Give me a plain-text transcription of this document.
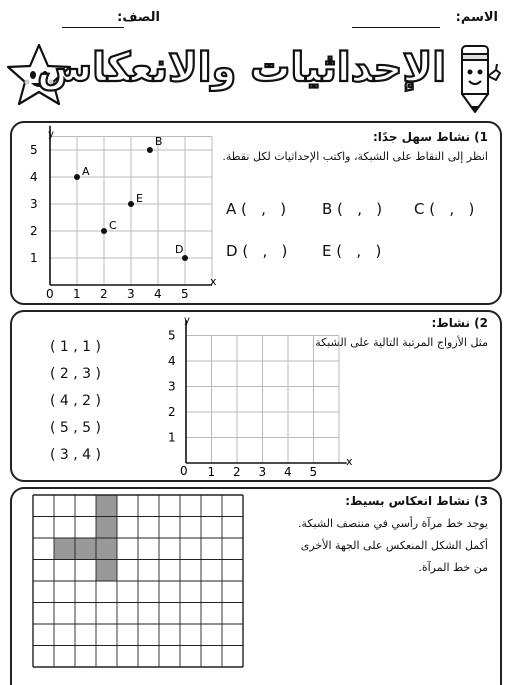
الاسم:
الصف:
الإحداثيات والانعكاس
1) نشاط سهل جدًا:
انظر إلى النقاط على الشبكة، واكتب الإحداثيات لكل نقطة.
1 2 3 4 5
1
2
3
4
5
A
B
C
D
E
y
x
0
A (   ,   ) B (   ,   ) C (   ,   )
D (   ,   ) E (   ,   )
2) نشاط:
مثل الأزواج المرتبة التالية على الشبكة.
( 1 , 1 )
( 2 , 3 )
( 4 , 2 )
( 5 , 5 )
( 3 , 4 )
1 2 3 4 5
1
2
3
4
5
y
x
0
3) نشاط انعكاس بسيط:
يوجد خط مرآة رأسي في منتصف الشبكة.
أكمل الشكل المنعكس على الجهة الأخرى
من خط المرآة.
